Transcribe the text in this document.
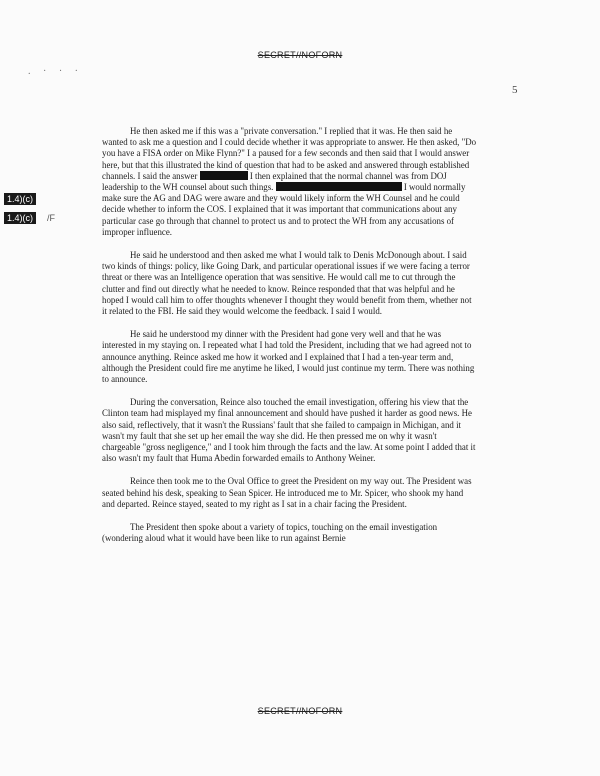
SECRET//NOFORN
. · · ·
5
1.4)(c)
1.4)(c)	/F

He then asked me if this was a "private conversation." I replied that it was. He then said he wanted to ask me a question and I could decide whether it was appropriate to answer. He then asked, "Do you have a FISA order on Mike Flynn?" I a paused for a few seconds and then said that I would answer here, but that this illustrated the kind of question that had to be asked and answered through established channels. I said the answer	I then explained that the normal channel was from DOJ leadership to the WH counsel about such things.	I would normally make sure the AG and DAG were aware and they would likely inform the WH Counsel and he could decide whether to inform the COS. I explained that it was important that communications about any particular case go through that channel to protect us and to protect the WH from any accusations of improper influence.

He said he understood and then asked me what I would talk to Denis McDonough about. I said two kinds of things: policy, like Going Dark, and particular operational issues if we were facing a terror threat or there was an Intelligence operation that was sensitive. He would call me to cut through the clutter and find out directly what he needed to know. Reince responded that that was helpful and he hoped I would call him to offer thoughts whenever I thought they would benefit from them, whether not it related to the FBI. He said they would welcome the feedback. I said I would.

He said he understood my dinner with the President had gone very well and that he was interested in my staying on. I repeated what I had told the President, including that we had agreed not to announce anything. Reince asked me how it worked and I explained that I had a ten-year term and, although the President could fire me anytime he liked, I would just continue my term. There was nothing to announce.

During the conversation, Reince also touched the email investigation, offering his view that the Clinton team had misplayed my final announcement and should have pushed it harder as good news. He also said, reflectively, that it wasn't the Russians' fault that she failed to campaign in Michigan, and it wasn't my fault that she set up her email the way she did. He then pressed me on why it wasn't chargeable "gross negligence," and I took him through the facts and the law. At some point I added that it also wasn't my fault that Huma Abedin forwarded emails to Anthony Weiner.

Reince then took me to the Oval Office to greet the President on my way out. The President was seated behind his desk, speaking to Sean Spicer. He introduced me to Mr. Spicer, who shook my hand and departed. Reince stayed, seated to my right as I sat in a chair facing the President.

The President then spoke about a variety of topics, touching on the email investigation (wondering aloud what it would have been like to run against Bernie

SECRET//NOFORN
